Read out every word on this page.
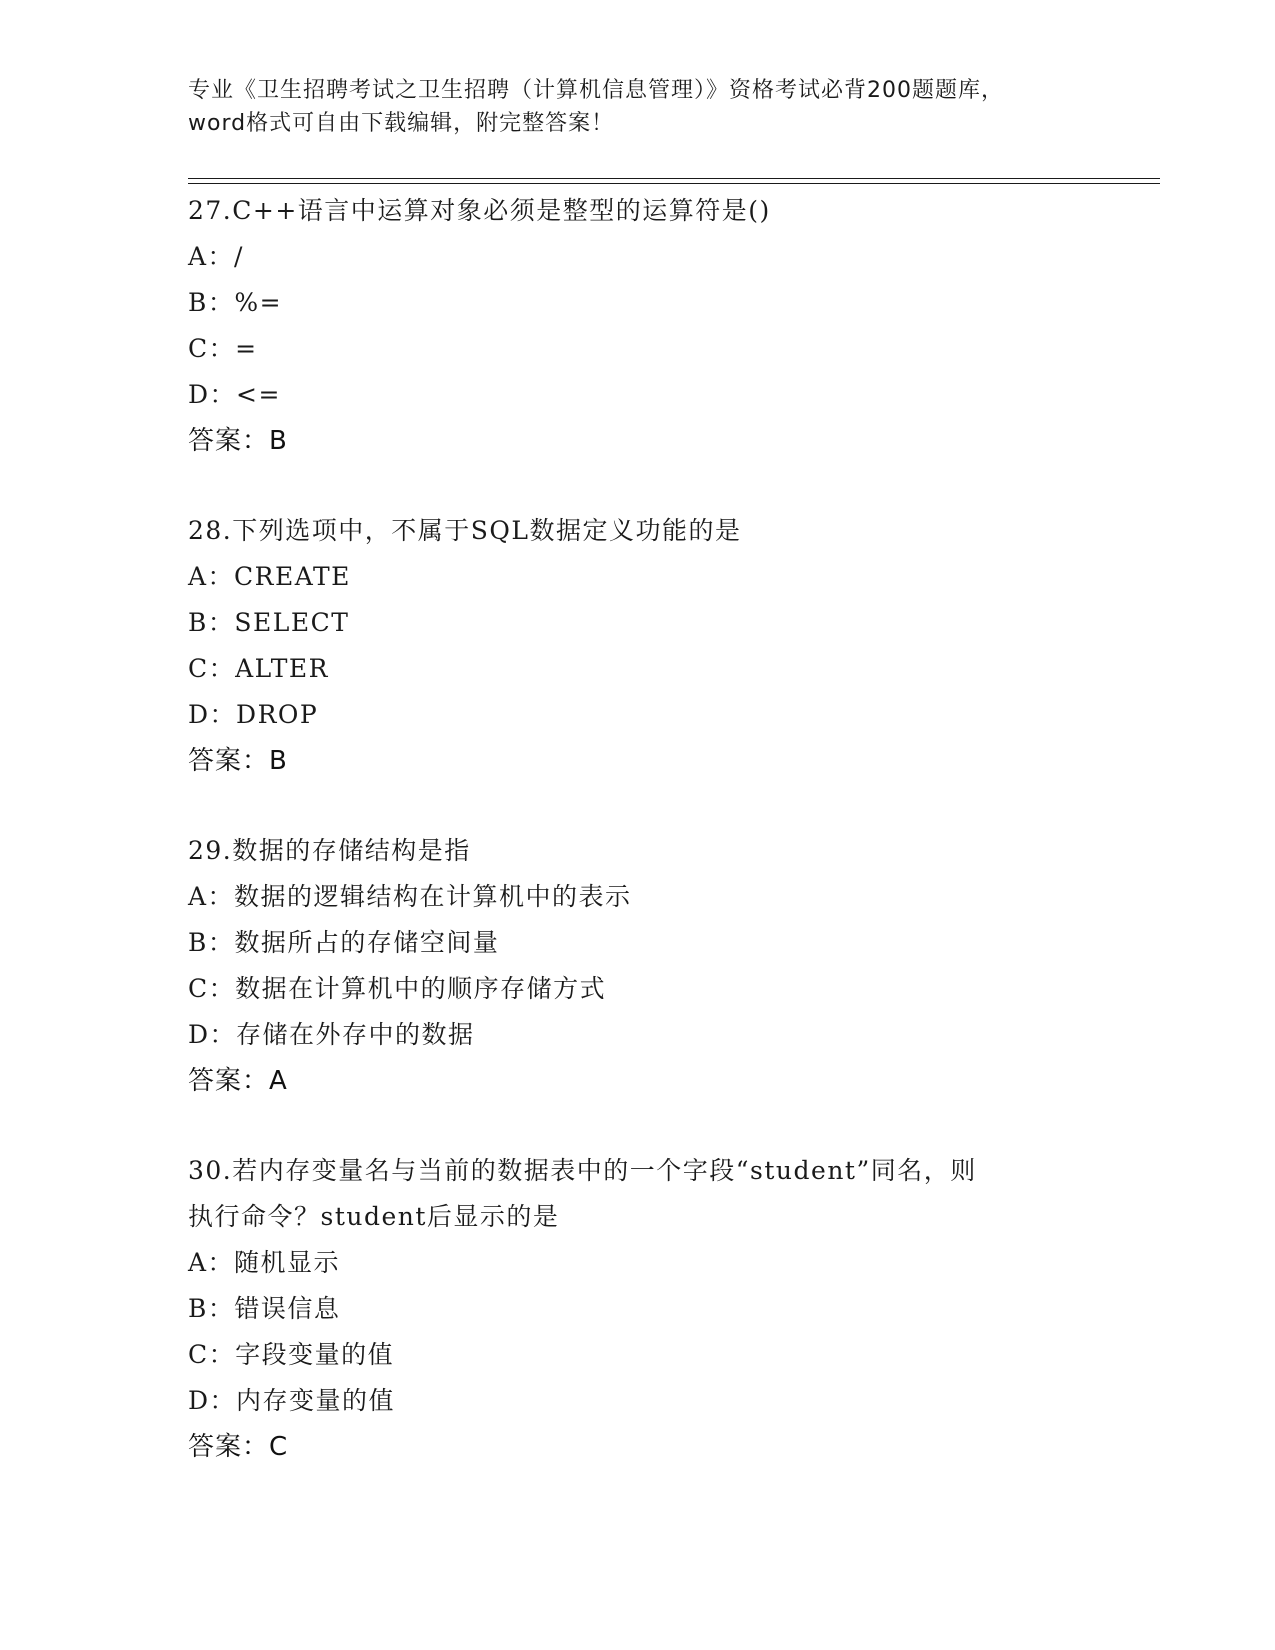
专业《卫生招聘考试之卫生招聘（计算机信息管理）》资格考试必背200题题库，
word格式可自由下载编辑，附完整答案！
27.C++语言中运算对象必须是整型的运算符是()
A：/
B：%=
C：=
D：<=
答案：B
28.下列选项中，不属于SQL数据定义功能的是
A：CREATE
B：SELECT
C：ALTER
D：DROP
答案：B
29.数据的存储结构是指
A：数据的逻辑结构在计算机中的表示
B：数据所占的存储空间量
C：数据在计算机中的顺序存储方式
D：存储在外存中的数据
答案：A
30.若内存变量名与当前的数据表中的一个字段“student”同名，则
执行命令？student后显示的是
A：随机显示
B：错误信息
C：字段变量的值
D：内存变量的值
答案：C
